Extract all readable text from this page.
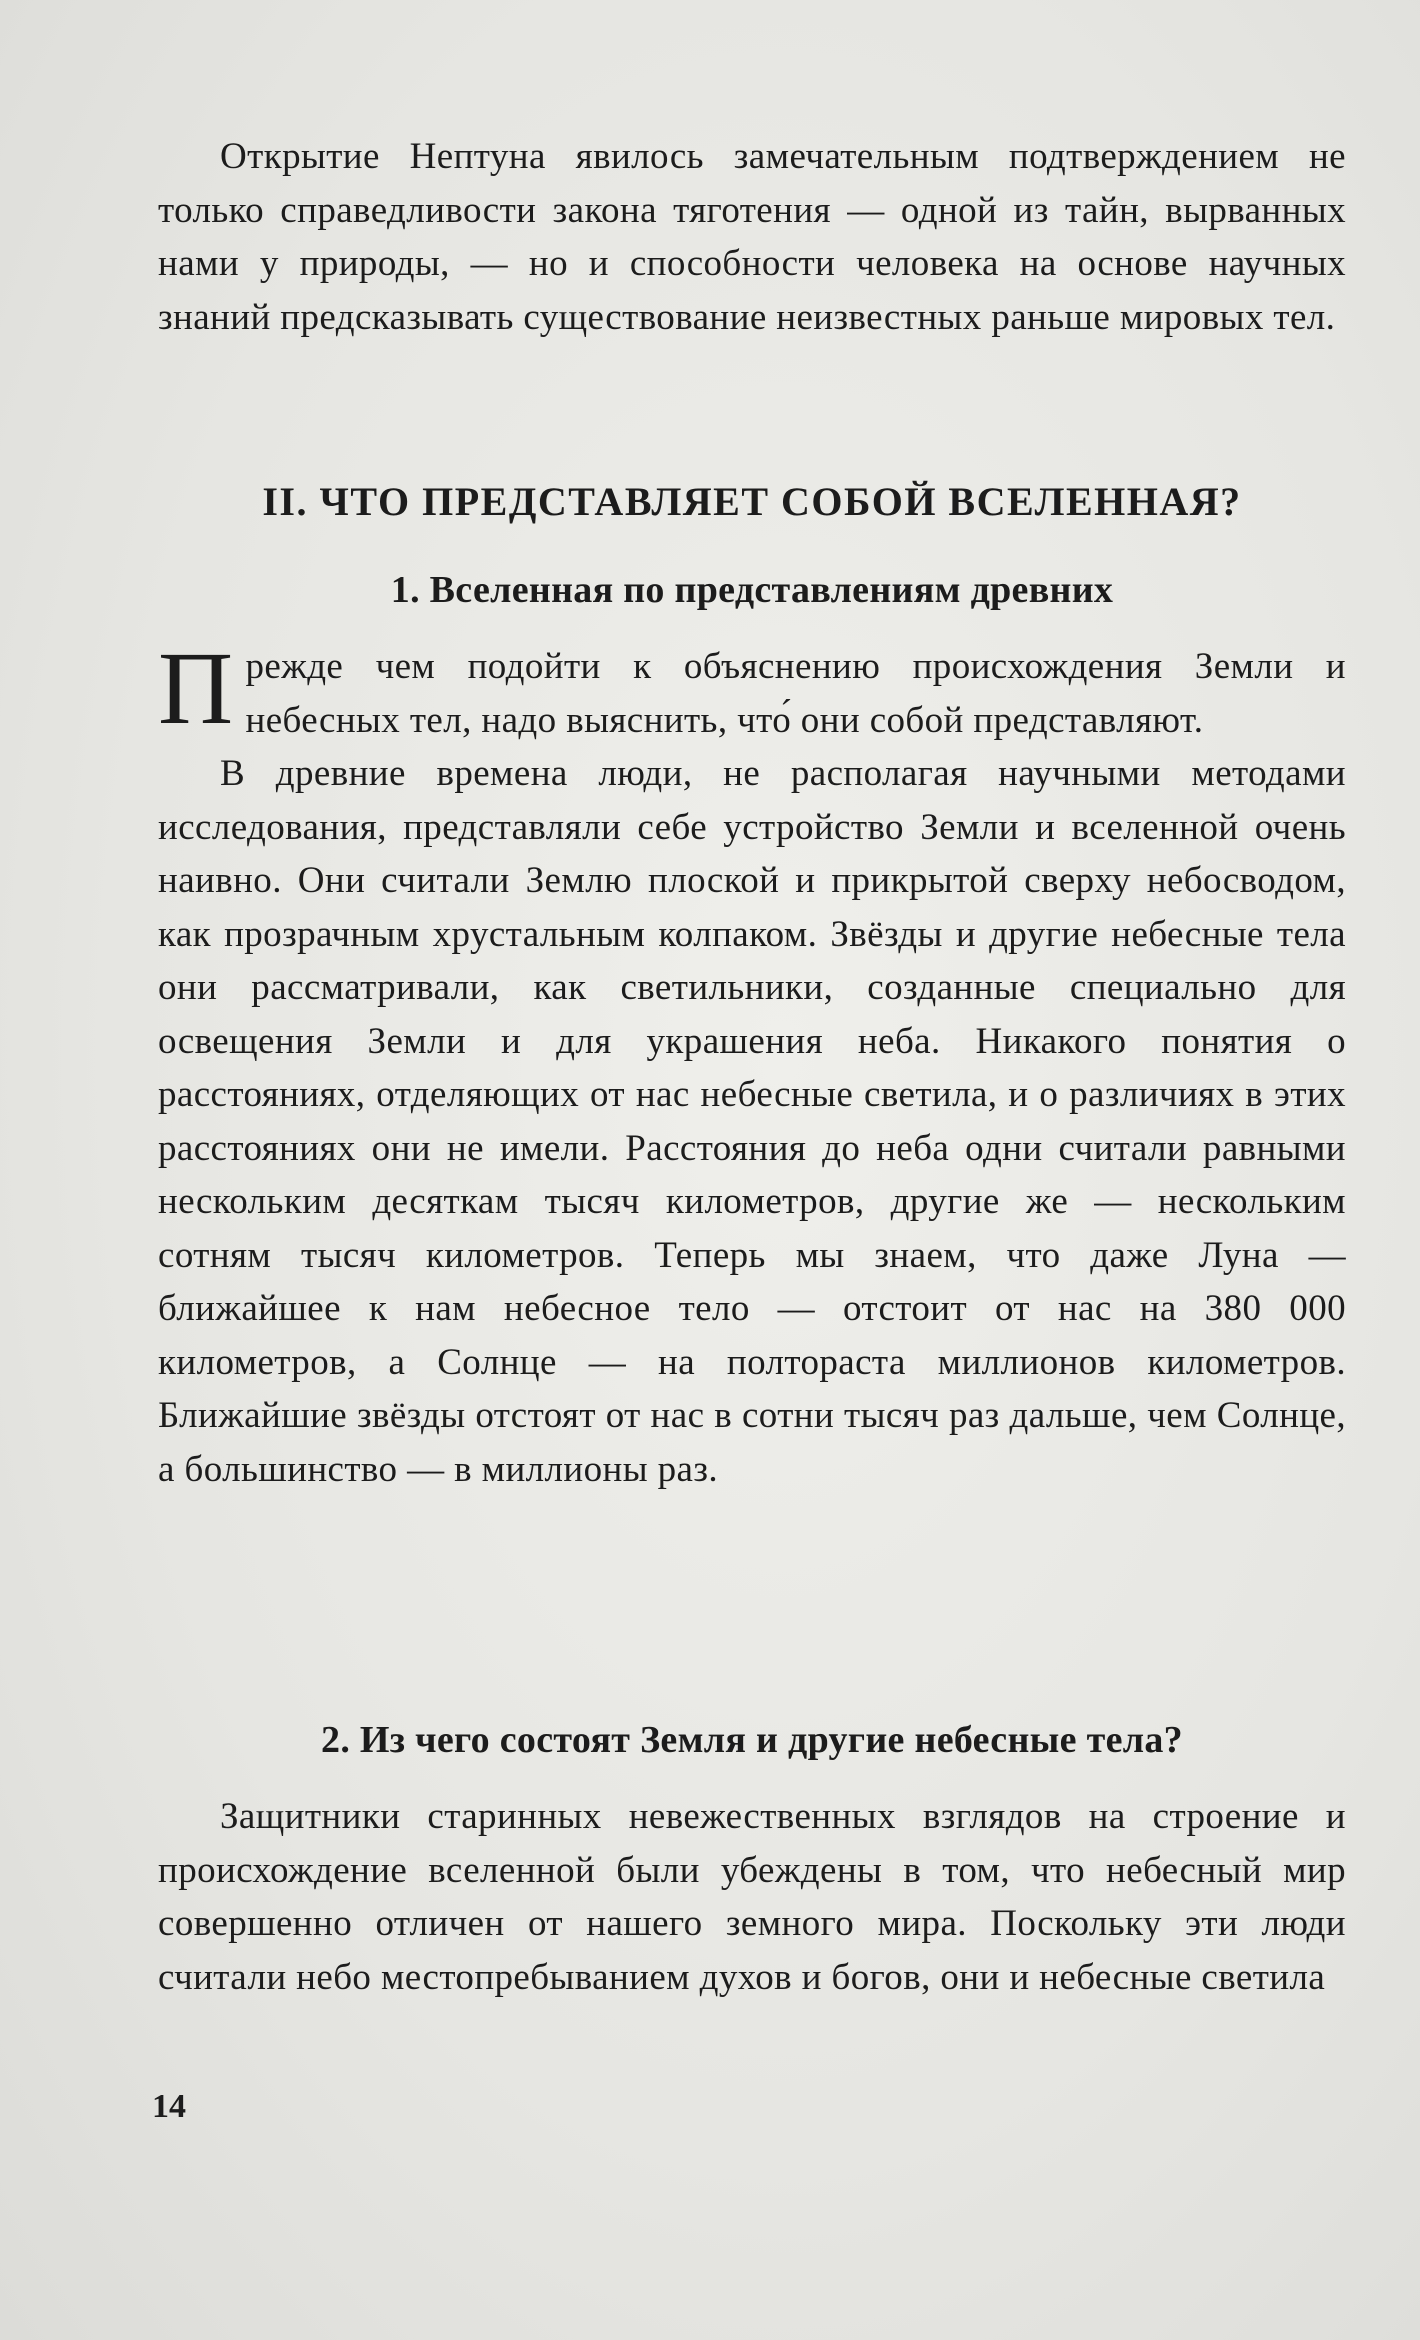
Открытие Нептуна явилось замечательным подтверждением не только справедливости закона тяготения — одной из тайн, вырванных нами у природы, — но и способности человека на основе научных знаний предсказывать существование неизвестных раньше мировых тел.

II. ЧТО ПРЕДСТАВЛЯЕТ СОБОЙ ВСЕЛЕННАЯ?
1. Вселенная по представлениям древних

Прежде чем подойти к объяснению происхождения Земли и небесных тел, надо выяснить, что́ они собой представляют.

В древние времена люди, не располагая научными методами исследования, представляли себе устройство Земли и вселенной очень наивно. Они считали Землю плоской и прикрытой сверху небосводом, как прозрачным хрустальным колпаком. Звёзды и другие небесные тела они рассматривали, как светильники, созданные специально для освещения Земли и для украшения неба. Никакого понятия о расстояниях, отделяющих от нас небесные светила, и о различиях в этих расстояниях они не имели. Расстояния до неба одни считали равными нескольким десяткам тысяч километров, другие же — нескольким сотням тысяч километров. Теперь мы знаем, что даже Луна — ближайшее к нам небесное тело — отстоит от нас на 380 000 километров, а Солнце — на полтораста миллионов километров. Ближайшие звёзды отстоят от нас в сотни тысяч раз дальше, чем Солнце, а большинство — в миллионы раз.

2. Из чего состоят Земля и другие небесные тела?

Защитники старинных невежественных взглядов на строение и происхождение вселенной были убеждены в том, что небесный мир совершенно отличен от нашего земного мира. Поскольку эти люди считали небо местопребыванием духов и богов, они и небесные светила

14
